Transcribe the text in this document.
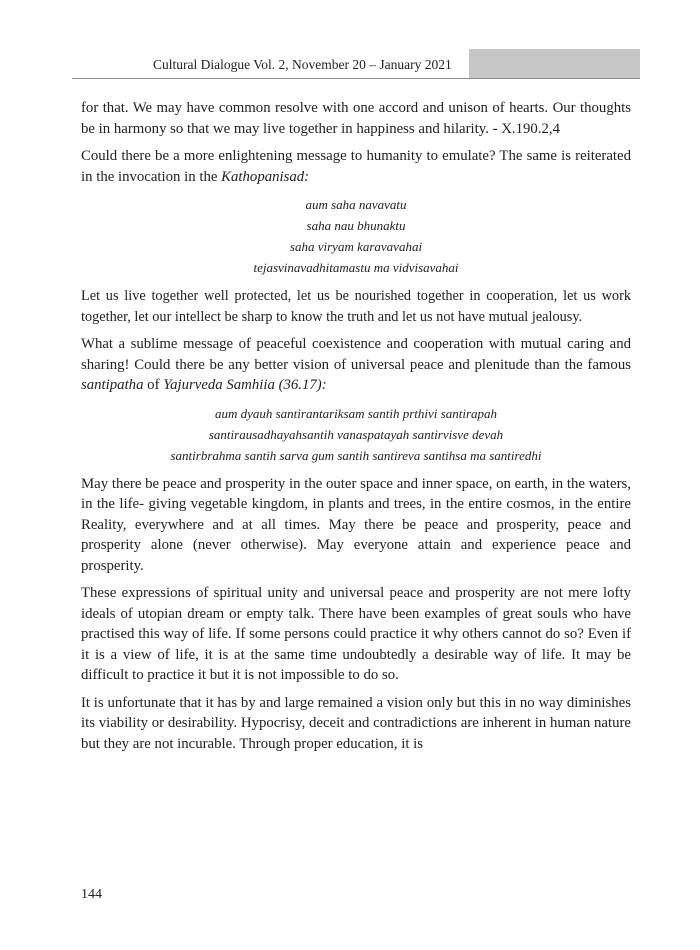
Cultural Dialogue Vol. 2, November 20 – January 2021

for that. We may have common resolve with one accord and unison of hearts. Our thoughts be in harmony so that we may live together in happiness and hilarity. - X.190.2,4

Could there be a more enlightening message to humanity to emulate? The same is reiterated in the invocation in the Kathopanisad:

aum saha navavatu
saha nau bhunaktu
saha viryam karavavahai
tejasvinavadhitamastu ma vidvisavahai

Let us live together well protected, let us be nourished together in cooperation, let us work together, let our intellect be sharp to know the truth and let us not have mutual jealousy.

What a sublime message of peaceful coexistence and cooperation with mutual caring and sharing! Could there be any better vision of universal peace and plenitude than the famous santipatha of Yajurveda Samhiia (36.17):

aum dyauh santirantariksam santih prthivi santirapah
santirausadhayahsantih vanaspatayah santirvisve devah
santirbrahma santih sarva gum santih santireva santihsa ma santiredhi

May there be peace and prosperity in the outer space and inner space, on earth, in the waters, in the life- giving vegetable kingdom, in plants and trees, in the entire cosmos, in the entire Reality, everywhere and at all times. May there be peace and prosperity, peace and prosperity alone (never otherwise). May everyone attain and experience peace and prosperity.

These expressions of spiritual unity and universal peace and prosperity are not mere lofty ideals of utopian dream or empty talk. There have been examples of great souls who have practised this way of life. If some persons could practice it why others cannot do so? Even if it is a view of life, it is at the same time undoubtedly a desirable way of life. It may be difficult to practice it but it is not impossible to do so.

It is unfortunate that it has by and large remained a vision only but this in no way diminishes its viability or desirability. Hypocrisy, deceit and contradictions are inherent in human nature but they are not incurable. Through proper education, it is

144
